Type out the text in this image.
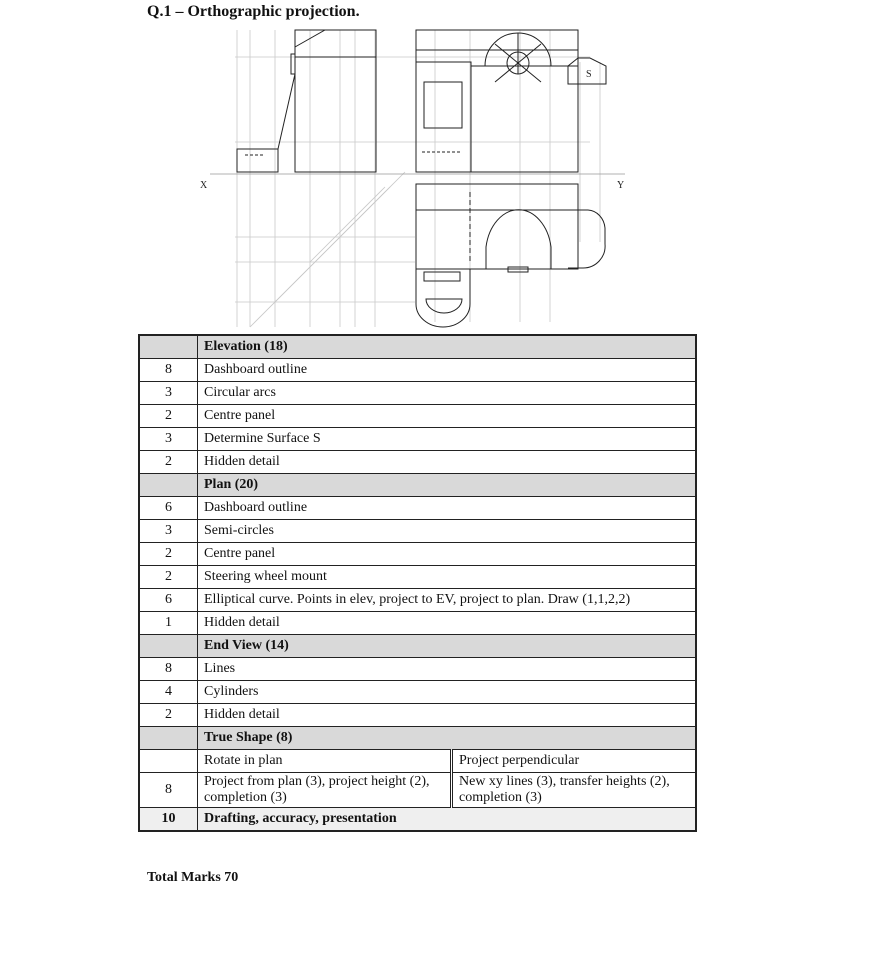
Q.1 – Orthographic projection.
X	Y
S
	Elevation (18)	
8	Dashboard outline	
3	Circular arcs	
2	Centre panel	
3	Determine Surface S	
2	Hidden detail	
	Plan (20)	
6	Dashboard outline	
3	Semi-circles	
2	Centre panel	
2	Steering wheel mount	
6	Elliptical curve. Points in elev, project to EV, project to plan. Draw (1,1,2,2)	
1	Hidden detail	
	End View (14)	
8	Lines	
4	Cylinders	
2	Hidden detail	
	True Shape (8)	
	Rotate in plan	Project perpendicular
8	Project from plan (3), project height (2), completion (3)	New xy lines (3), transfer heights (2), completion (3)
10	Drafting, accuracy, presentation	
Total Marks 70
